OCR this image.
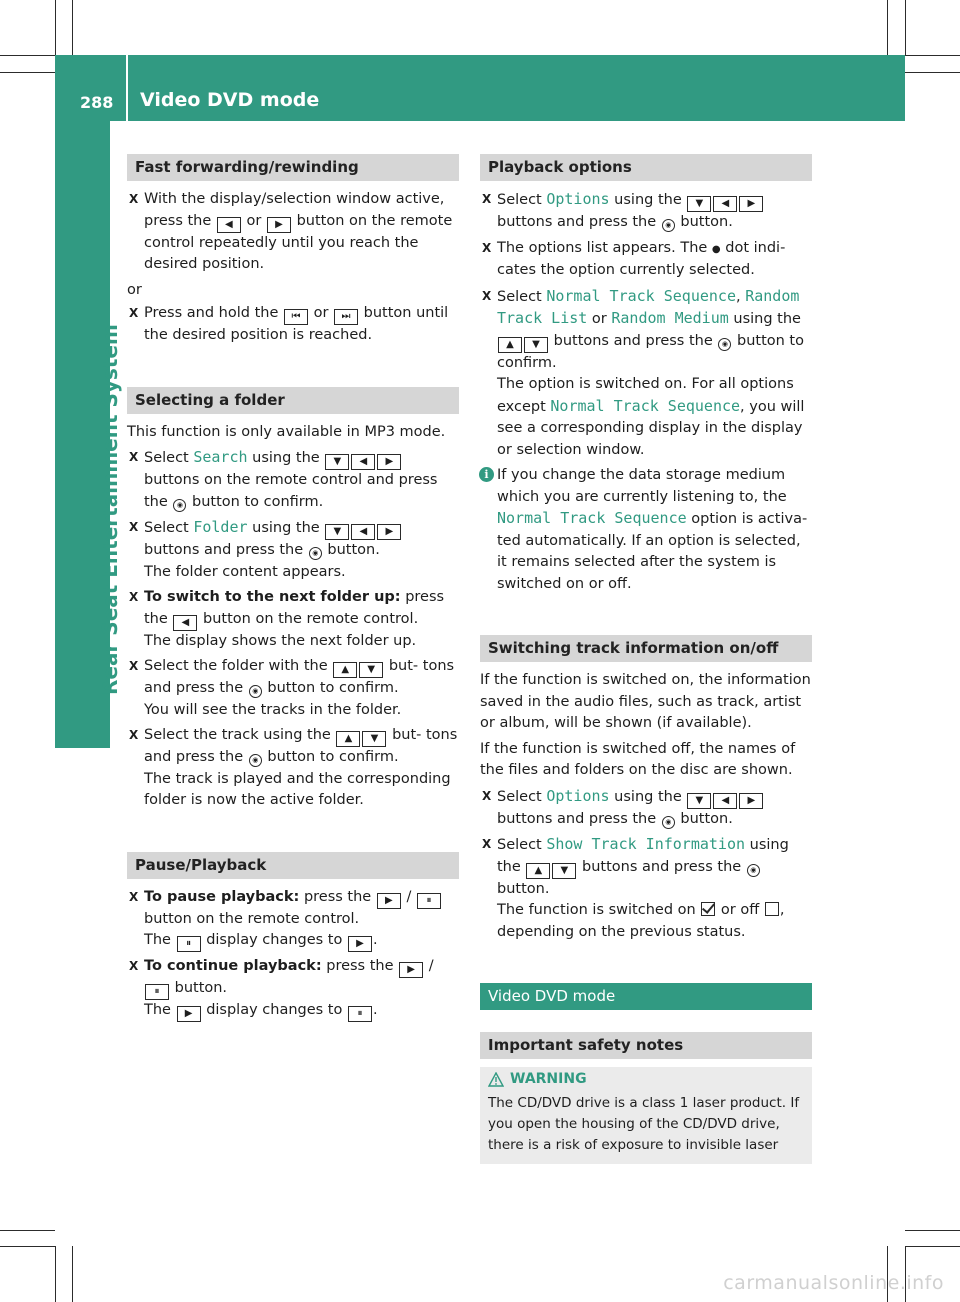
288 Video DVD mode
Rear Seat Entertainment System
Fast forwarding/rewinding
X With the display/selection window active, press the ◀ or ▶ button on the remote control repeatedly until you reach the desired position.

or

X Press and hold the ⏮ or ⏭ button until the desired position is reached.
Selecting a folder

This function is only available in MP3 mode.

X Select Search using the ▼ ◀ ▶ buttons on the remote control and press the ◉ button to confirm.
X Select Folder using the ▼ ◀ ▶ buttons and press the ◉ button.
The folder content appears.
X To switch to the next folder up: press the ◀ button on the remote control.
The display shows the next folder up.
X Select the folder with the ▲ ▼ but- tons and press the ◉ button to confirm.
You will see the tracks in the folder.
X Select the track using the ▲ ▼ but- tons and press the ◉ button to confirm.
The track is played and the corresponding folder is now the active folder.
Pause/Playback
X To pause playback: press the ▶ / ⏸ button on the remote control.
The ⏸ display changes to ▶ .
X To continue playback: press the ▶ / ⏸ button.
The ▶ display changes to ⏸ .
Playback options
X Select Options using the ▼ ◀ ▶ buttons and press the ◉ button.
X The options list appears. The ● dot indi- cates the option currently selected.
X Select Normal Track Sequence, Random Track List or Random Medium using the ▲ ▼ buttons and press the ◉ button to confirm.
The option is switched on. For all options except Normal Track Sequence, you will see a corresponding display in the display or selection window.
i If you change the data storage medium which you are currently listening to, the Normal Track Sequence option is activa- ted automatically. If an option is selected, it remains selected after the system is switched on or off.
Switching track information on/off

If the function is switched on, the information saved in the audio files, such as track, artist or album, will be shown (if available).

If the function is switched off, the names of the files and folders on the disc are shown.

X Select Options using the ▼ ◀ ▶ buttons and press the ◉ button.
X Select Show Track Information using the ▲ ▼ buttons and press the ◉ button.
The function is switched on or off , depending on the previous status.
Video DVD mode
Important safety notes
WARNING
The CD/DVD drive is a class 1 laser product. If you open the housing of the CD/DVD drive, there is a risk of exposure to invisible laser
carmanualsonline.info
